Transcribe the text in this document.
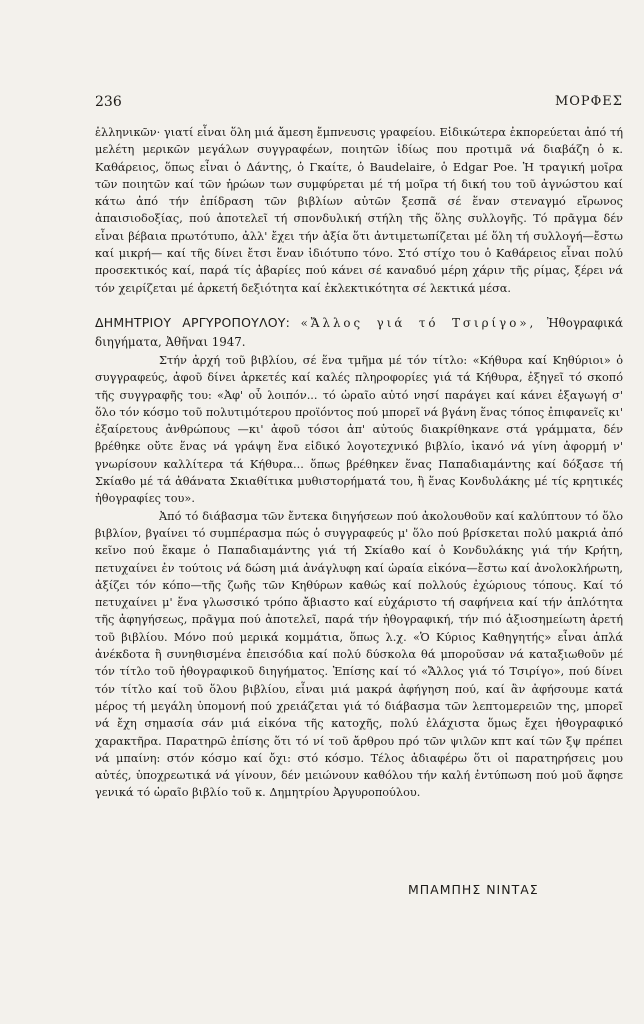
236	ΜΟΡΦΕΣ

ἑλληνικῶν· γιατί εἶναι ὅλη μιά ἄμεση ἔμπνευσις γραφείου. Εἰδικώτερα ἐκπορεύεται ἀπό τή μελέτη μερικῶν μεγάλων συγγραφέων, ποιητῶν ἰδίως που προτιμᾶ νά διαβάζη ὁ κ. Καθάρειος, ὅπως εἶναι ὁ Δάντης, ὁ Γκαίτε, ὁ Baudelaire, ὁ Edgar Poe. Ἡ τραγική μοῖρα τῶν ποιητῶν καί τῶν ἡρώων των συμφύρεται μέ τή μοῖρα τή δική του τοῦ ἀγνώστου καί κάτω ἀπό τήν ἐπίδραση τῶν βιβλίων αὐτῶν ξεσπᾶ σέ ἕναν στεναγμό εἴρωνος ἀπαισιοδοξίας, πού ἀποτελεῖ τή σπονδυλική στήλη τῆς ὅλης συλλογῆς. Τό πρᾶγμα δέν εἶναι βέβαια πρωτότυπο, ἀλλ' ἔχει τήν ἀξία ὅτι ἀντιμετωπίζεται μέ ὅλη τή συλλογή—ἔστω καί μικρή— καί τῆς δίνει ἔτσι ἕναν ἰδιότυπο τόνο. Στό στίχο του ὁ Καθάρειος εἶναι πολύ προσεκτικός καί, παρά τίς ἀβαρίες πού κάνει σέ καναδυό μέρη χάριν τῆς ρίμας, ξέρει νά τόν χειρίζεται μέ ἀρκετή δεξιότητα καί ἐκλεκτικότητα σέ λεκτικά μέσα.

ΔΗΜΗΤΡΙΟΥ ΑΡΓΥΡΟΠΟΥΛΟΥ: «Ἄλλος γιά τό Τσιρίγο», Ἠθογραφικά διηγήματα, Ἀθῆναι 1947.

Στήν ἀρχή τοῦ βιβλίου, σέ ἕνα τμῆμα μέ τόν τίτλο: «Κήθυρα καί Κηθύριοι» ὁ συγγραφεύς, ἀφοῦ δίνει ἀρκετές καί καλές πληροφορίες γιά τά Κήθυρα, ἐξηγεῖ τό σκοπό τῆς συγγραφῆς του: «Ἀφ' οὗ λοιπόν... τό ὡραῖο αὐτό νησί παράγει καί κάνει ἐξαγωγή σ' ὅλο τόν κόσμο τοῦ πολυτιμότερου προϊόντος πού μπορεῖ νά βγάνη ἕνας τόπος ἐπιφανεῖς κι' ἐξαίρετους ἀνθρώπους —κι' ἀφοῦ τόσοι ἀπ' αὐτούς διακρίθηκανε στά γράμματα, δέν βρέθηκε οὔτε ἕνας νά γράψη ἕνα εἰδικό λογοτεχνικό βιβλίο, ἱκανό νά γίνη ἀφορμή ν' γνωρίσουν καλλίτερα τά Κήθυρα... ὅπως βρέθηκεν ἕνας Παπαδιαμάντης καί δόξασε τή Σκίαθο μέ τά ἀθάνατα Σκιαθίτικα μυθιστορήματά του, ἢ ἕνας Κονδυλάκης μέ τίς κρητικές ἠθογραφίες του».

Ἀπό τό διάβασμα τῶν ἔντεκα διηγήσεων πού ἀκολουθοῦν καί καλύπτουν τό ὅλο βιβλίον, βγαίνει τό συμπέρασμα πώς ὁ συγγραφεύς μ' ὅλο πού βρίσκεται πολύ μακριά ἀπό κεῖνο πού ἔκαμε ὁ Παπαδιαμάντης γιά τή Σκίαθο καί ὁ Κονδυλάκης γιά τήν Κρήτη, πετυχαίνει ἐν τούτοις νά δώση μιά ἀνάγλυφη καί ὡραία εἰκόνα—ἔστω καί ἀνολοκλήρωτη, ἀξίζει τόν κόπο—τῆς ζωῆς τῶν Κηθύρων καθώς καί πολλούς ἐχώριους τόπους. Καί τό πετυχαίνει μ' ἕνα γλωσσικό τρόπο ἄβιαστο καί εὐχάριστο τή σαφήνεια καί τήν ἁπλότητα τῆς ἀφηγήσεως, πρᾶγμα πού ἀποτελεῖ, παρά τήν ἠθογραφική, τήν πιό ἀξιοσημείωτη ἀρετή τοῦ βιβλίου. Μόνο πού μερικά κομμάτια, ὅπως λ.χ. «Ὁ Κύριος Καθηγητής» εἶναι ἁπλά ἀνέκδοτα ἢ συνηθισμένα ἐπεισόδια καί πολύ δύσκολα θά μποροῦσαν νά καταξιωθοῦν μέ τόν τίτλο τοῦ ἠθογραφικοῦ διηγήματος. Ἐπίσης καί τό «Ἄλλος γιά τό Τσιρίγο», πού δίνει τόν τίτλο καί τοῦ ὅλου βιβλίου, εἶναι μιά μακρά ἀφήγηση πού, καί ἂν ἀφήσουμε κατά μέρος τή μεγάλη ὑπομονή πού χρειάζεται γιά τό διάβασμα τῶν λεπτομερειῶν της, μπορεῖ νά ἔχη σημασία σάν μιά εἰκόνα τῆς κατοχῆς, πολύ ἐλάχιστα ὅμως ἔχει ἠθογραφικό χαρακτῆρα. Παρατηρῶ ἐπίσης ὅτι τό νί τοῦ ἄρθρου πρό τῶν ψιλῶν κπτ καί τῶν ξψ πρέπει νά μπαίνη: στόν κόσμο καί ὄχι: στό κόσμο. Τέλος ἀδιαφέρω ὅτι οἱ παρατηρήσεις μου αὐτές, ὑποχρεωτικά νά γίνουν, δέν μειώνουν καθόλου τήν καλή ἐντύπωση πού μοῦ ἄφησε γενικά τό ὡραῖο βιβλίο τοῦ κ. Δημητρίου Ἀργυροπούλου.

ΜΠΑΜΠΗΣ ΝΙΝΤΑΣ
